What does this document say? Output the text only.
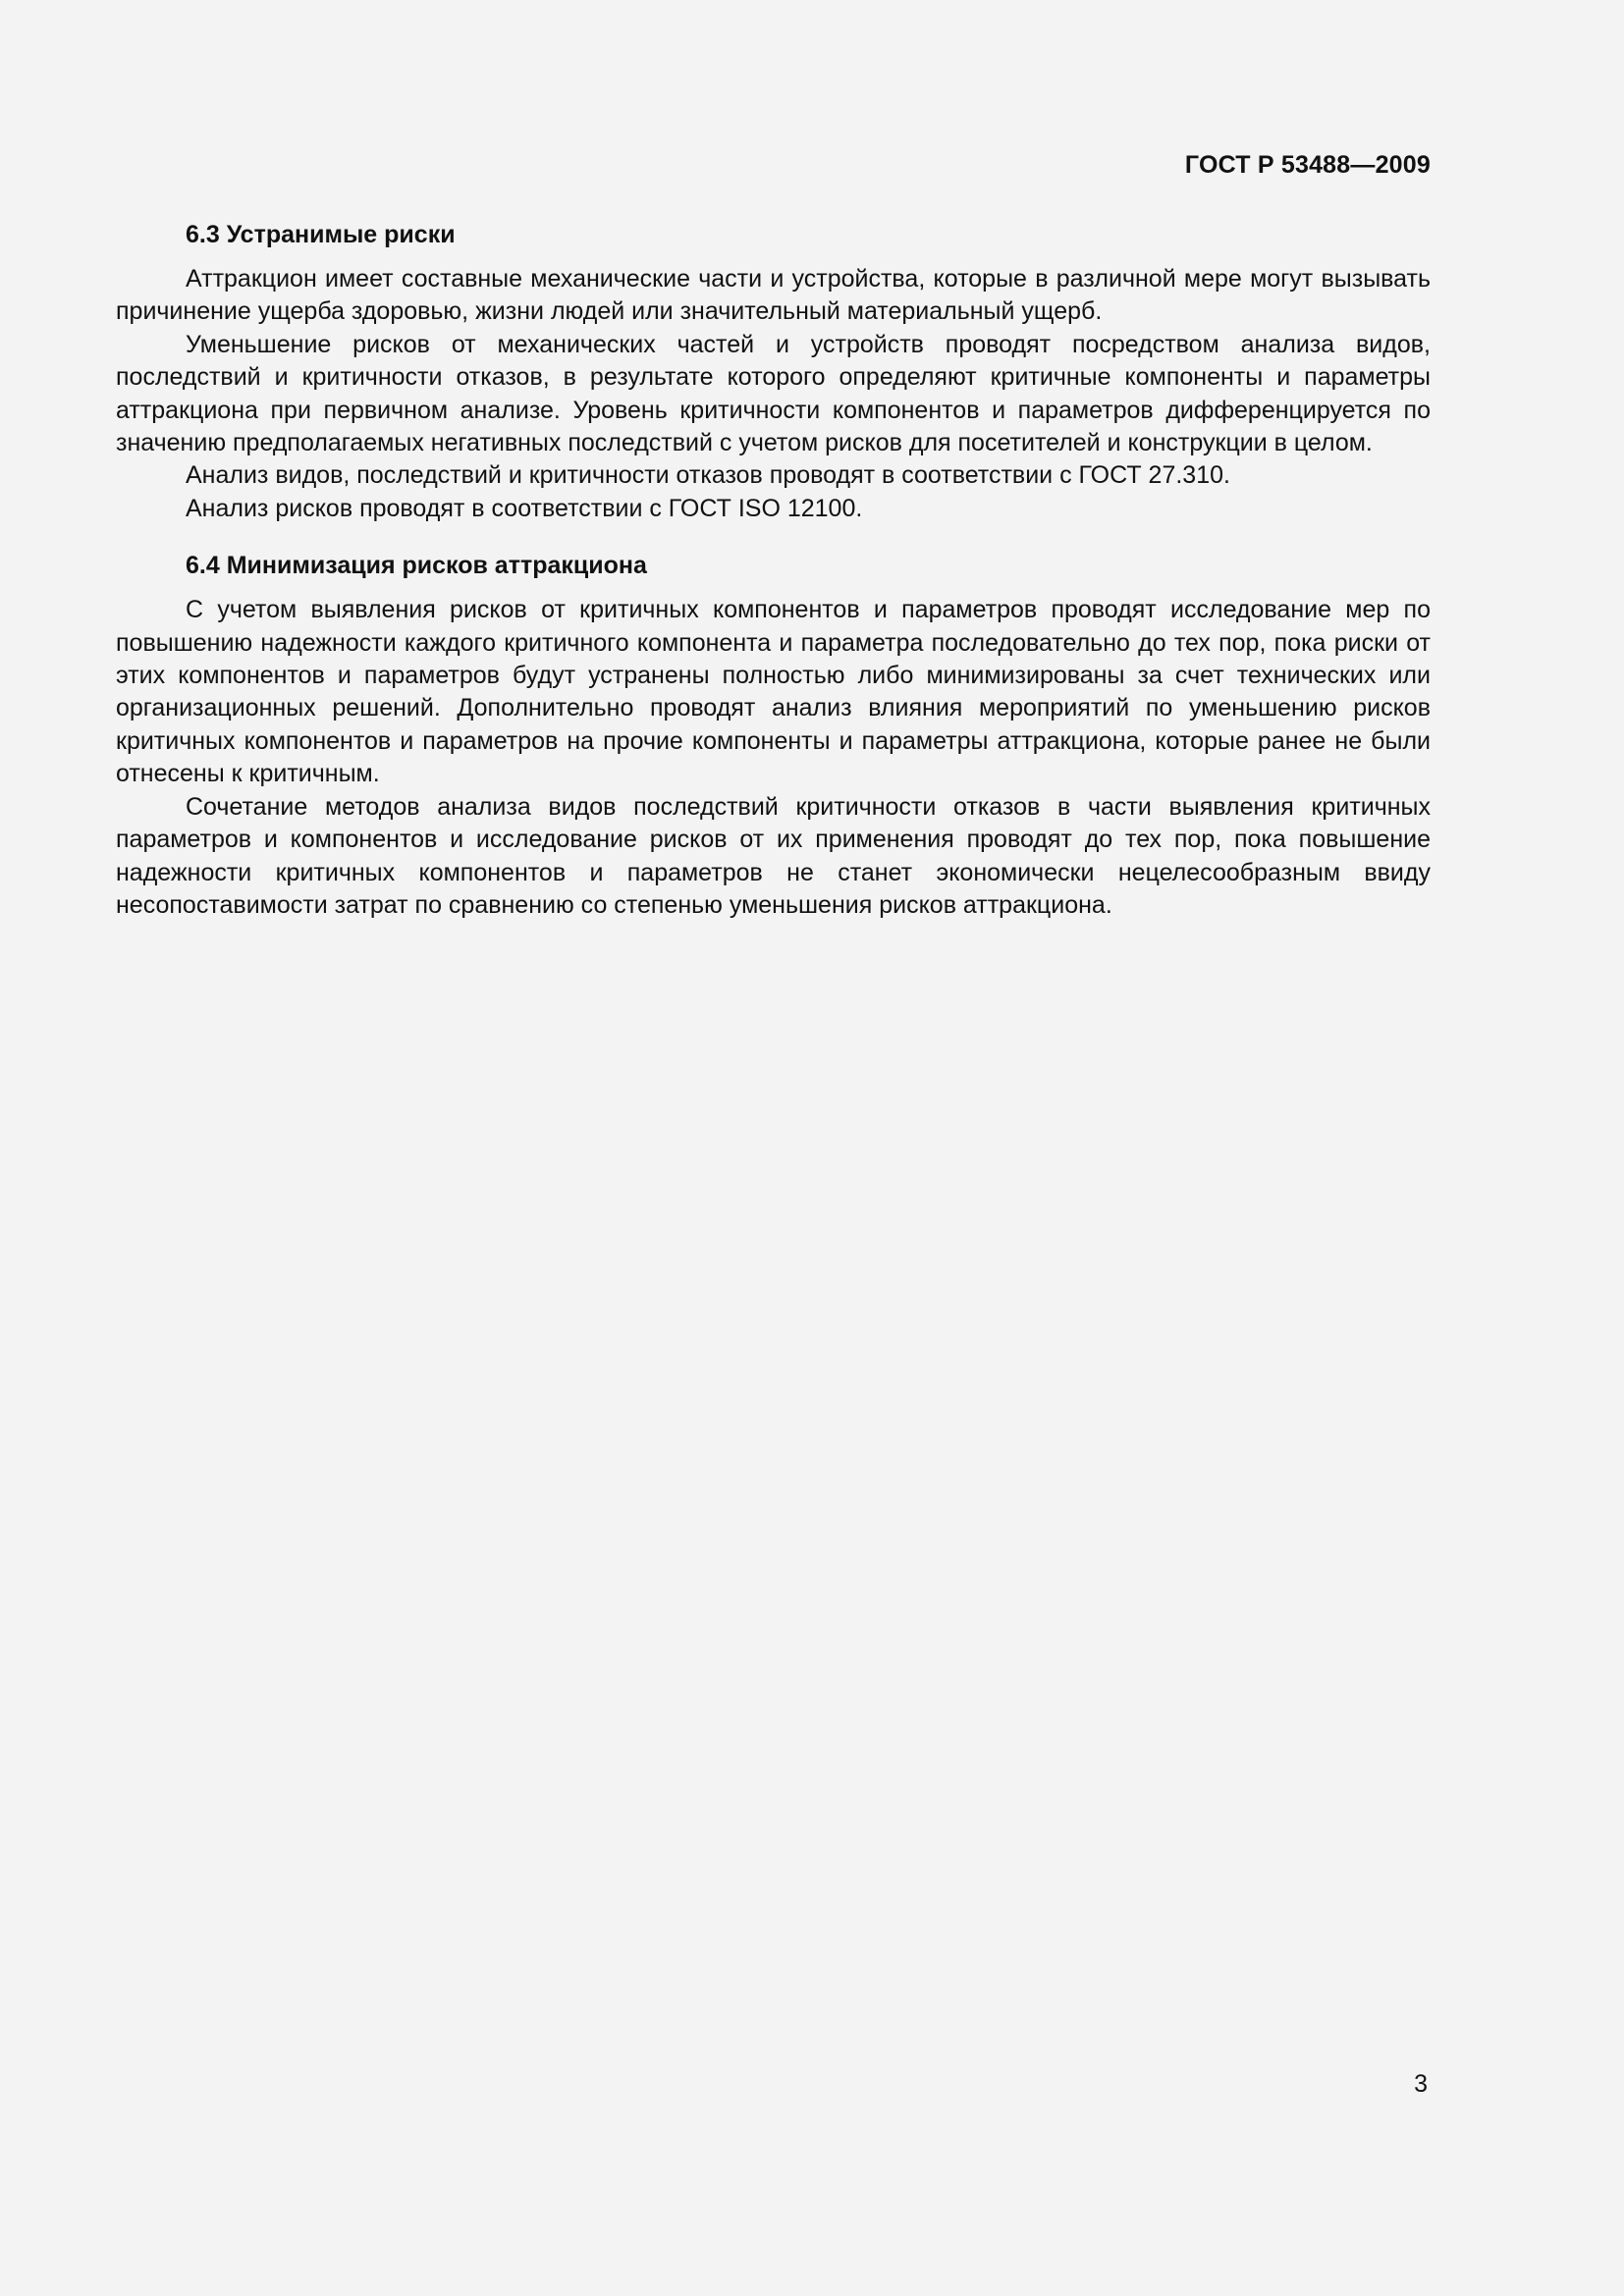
ГОСТ Р 53488—2009
6.3 Устранимые риски

Аттракцион имеет составные механические части и устройства, которые в различной мере могут вызывать причинение ущерба здоровью, жизни людей или значительный материальный ущерб.

Уменьшение рисков от механических частей и устройств проводят посредством анализа видов, последствий и критичности отказов, в результате которого определяют критичные компоненты и параметры аттракциона при первичном анализе. Уровень критичности компонентов и параметров дифференцируется по значению предполагаемых негативных последствий с учетом рисков для посетителей и конструкции в целом.

Анализ видов, последствий и критичности отказов проводят в соответствии с ГОСТ 27.310.

Анализ рисков проводят в соответствии с ГОСТ ISO 12100.

6.4 Минимизация рисков аттракциона

С учетом выявления рисков от критичных компонентов и параметров проводят исследование мер по повышению надежности каждого критичного компонента и параметра последовательно до тех пор, пока риски от этих компонентов и параметров будут устранены полностью либо минимизированы за счет технических или организационных решений. Дополнительно проводят анализ влияния мероприятий по уменьшению рисков критичных компонентов и параметров на прочие компоненты и параметры аттракциона, которые ранее не были отнесены к критичным.

Сочетание методов анализа видов последствий критичности отказов в части выявления критичных параметров и компонентов и исследование рисков от их применения проводят до тех пор, пока повышение надежности критичных компонентов и параметров не станет экономически нецелесообразным ввиду несопоставимости затрат по сравнению со степенью уменьшения рисков аттракциона.

3
